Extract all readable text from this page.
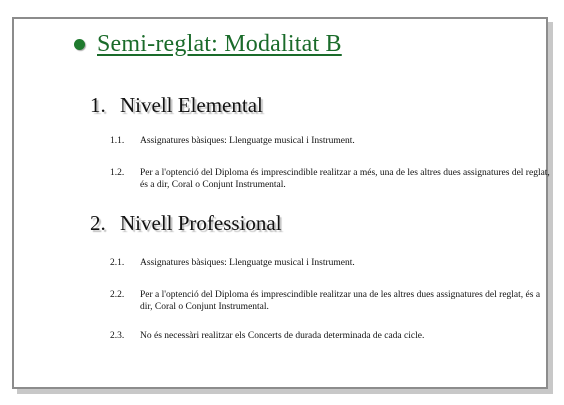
Semi-reglat: Modalitat B
1. Nivell Elemental
1.1.	Assignatures bàsiques: Llenguatge musical i Instrument.
1.2.	Per a l'optenció del Diploma és imprescindible realitzar a més, una de les altres dues assignatures del reglat, és a dir, Coral o Conjunt Instrumental.
2. Nivell Professional
2.1.	Assignatures bàsiques: Llenguatge musical i Instrument.
2.2.	Per a l'optenció del Diploma és imprescindible realitzar una de les altres dues assignatures del reglat, és a dir, Coral o Conjunt Instrumental.
2.3.	No és necessàri realitzar els Concerts de durada determinada de cada cicle.
